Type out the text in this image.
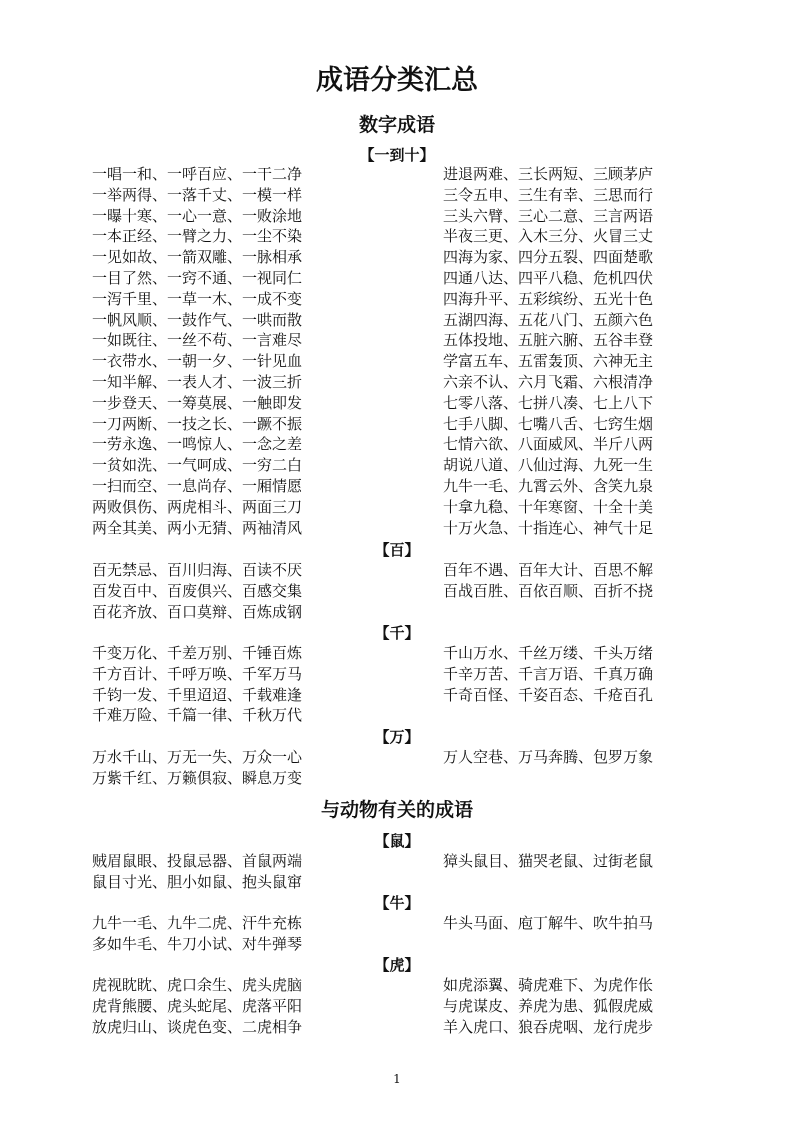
成语分类汇总
数字成语
【一到十】
一唱一和、一呼百应、一干二净	进退两难、三长两短、三顾茅庐
一举两得、一落千丈、一模一样	三令五申、三生有幸、三思而行
一曝十寒、一心一意、一败涂地	三头六臂、三心二意、三言两语
一本正经、一臂之力、一尘不染	半夜三更、入木三分、火冒三丈
一见如故、一箭双雕、一脉相承	四海为家、四分五裂、四面楚歌
一目了然、一窍不通、一视同仁	四通八达、四平八稳、危机四伏
一泻千里、一草一木、一成不变	四海升平、五彩缤纷、五光十色
一帆风顺、一鼓作气、一哄而散	五湖四海、五花八门、五颜六色
一如既往、一丝不苟、一言难尽	五体投地、五脏六腑、五谷丰登
一衣带水、一朝一夕、一针见血	学富五车、五雷轰顶、六神无主
一知半解、一表人才、一波三折	六亲不认、六月飞霜、六根清净
一步登天、一筹莫展、一触即发	七零八落、七拼八凑、七上八下
一刀两断、一技之长、一蹶不振	七手八脚、七嘴八舌、七窍生烟
一劳永逸、一鸣惊人、一念之差	七情六欲、八面威风、半斤八两
一贫如洗、一气呵成、一穷二白	胡说八道、八仙过海、九死一生
一扫而空、一息尚存、一厢情愿	九牛一毛、九霄云外、含笑九泉
两败俱伤、两虎相斗、两面三刀	十拿九稳、十年寒窗、十全十美
两全其美、两小无猜、两袖清风	十万火急、十指连心、神气十足
【百】
百无禁忌、百川归海、百读不厌	百年不遇、百年大计、百思不解
百发百中、百废俱兴、百感交集	百战百胜、百依百顺、百折不挠
百花齐放、百口莫辩、百炼成钢
【千】
千变万化、千差万别、千锤百炼	千山万水、千丝万缕、千头万绪
千方百计、千呼万唤、千军万马	千辛万苦、千言万语、千真万确
千钧一发、千里迢迢、千载难逢	千奇百怪、千姿百态、千疮百孔
千难万险、千篇一律、千秋万代
【万】
万水千山、万无一失、万众一心	万人空巷、万马奔腾、包罗万象
万紫千红、万籁俱寂、瞬息万变
与动物有关的成语
【鼠】
贼眉鼠眼、投鼠忌器、首鼠两端	獐头鼠目、猫哭老鼠、过街老鼠
鼠目寸光、胆小如鼠、抱头鼠窜
【牛】
九牛一毛、九牛二虎、汗牛充栋	牛头马面、庖丁解牛、吹牛拍马
多如牛毛、牛刀小试、对牛弹琴
【虎】
虎视眈眈、虎口余生、虎头虎脑	如虎添翼、骑虎难下、为虎作伥
虎背熊腰、虎头蛇尾、虎落平阳	与虎谋皮、养虎为患、狐假虎威
放虎归山、谈虎色变、二虎相争	羊入虎口、狼吞虎咽、龙行虎步
1
